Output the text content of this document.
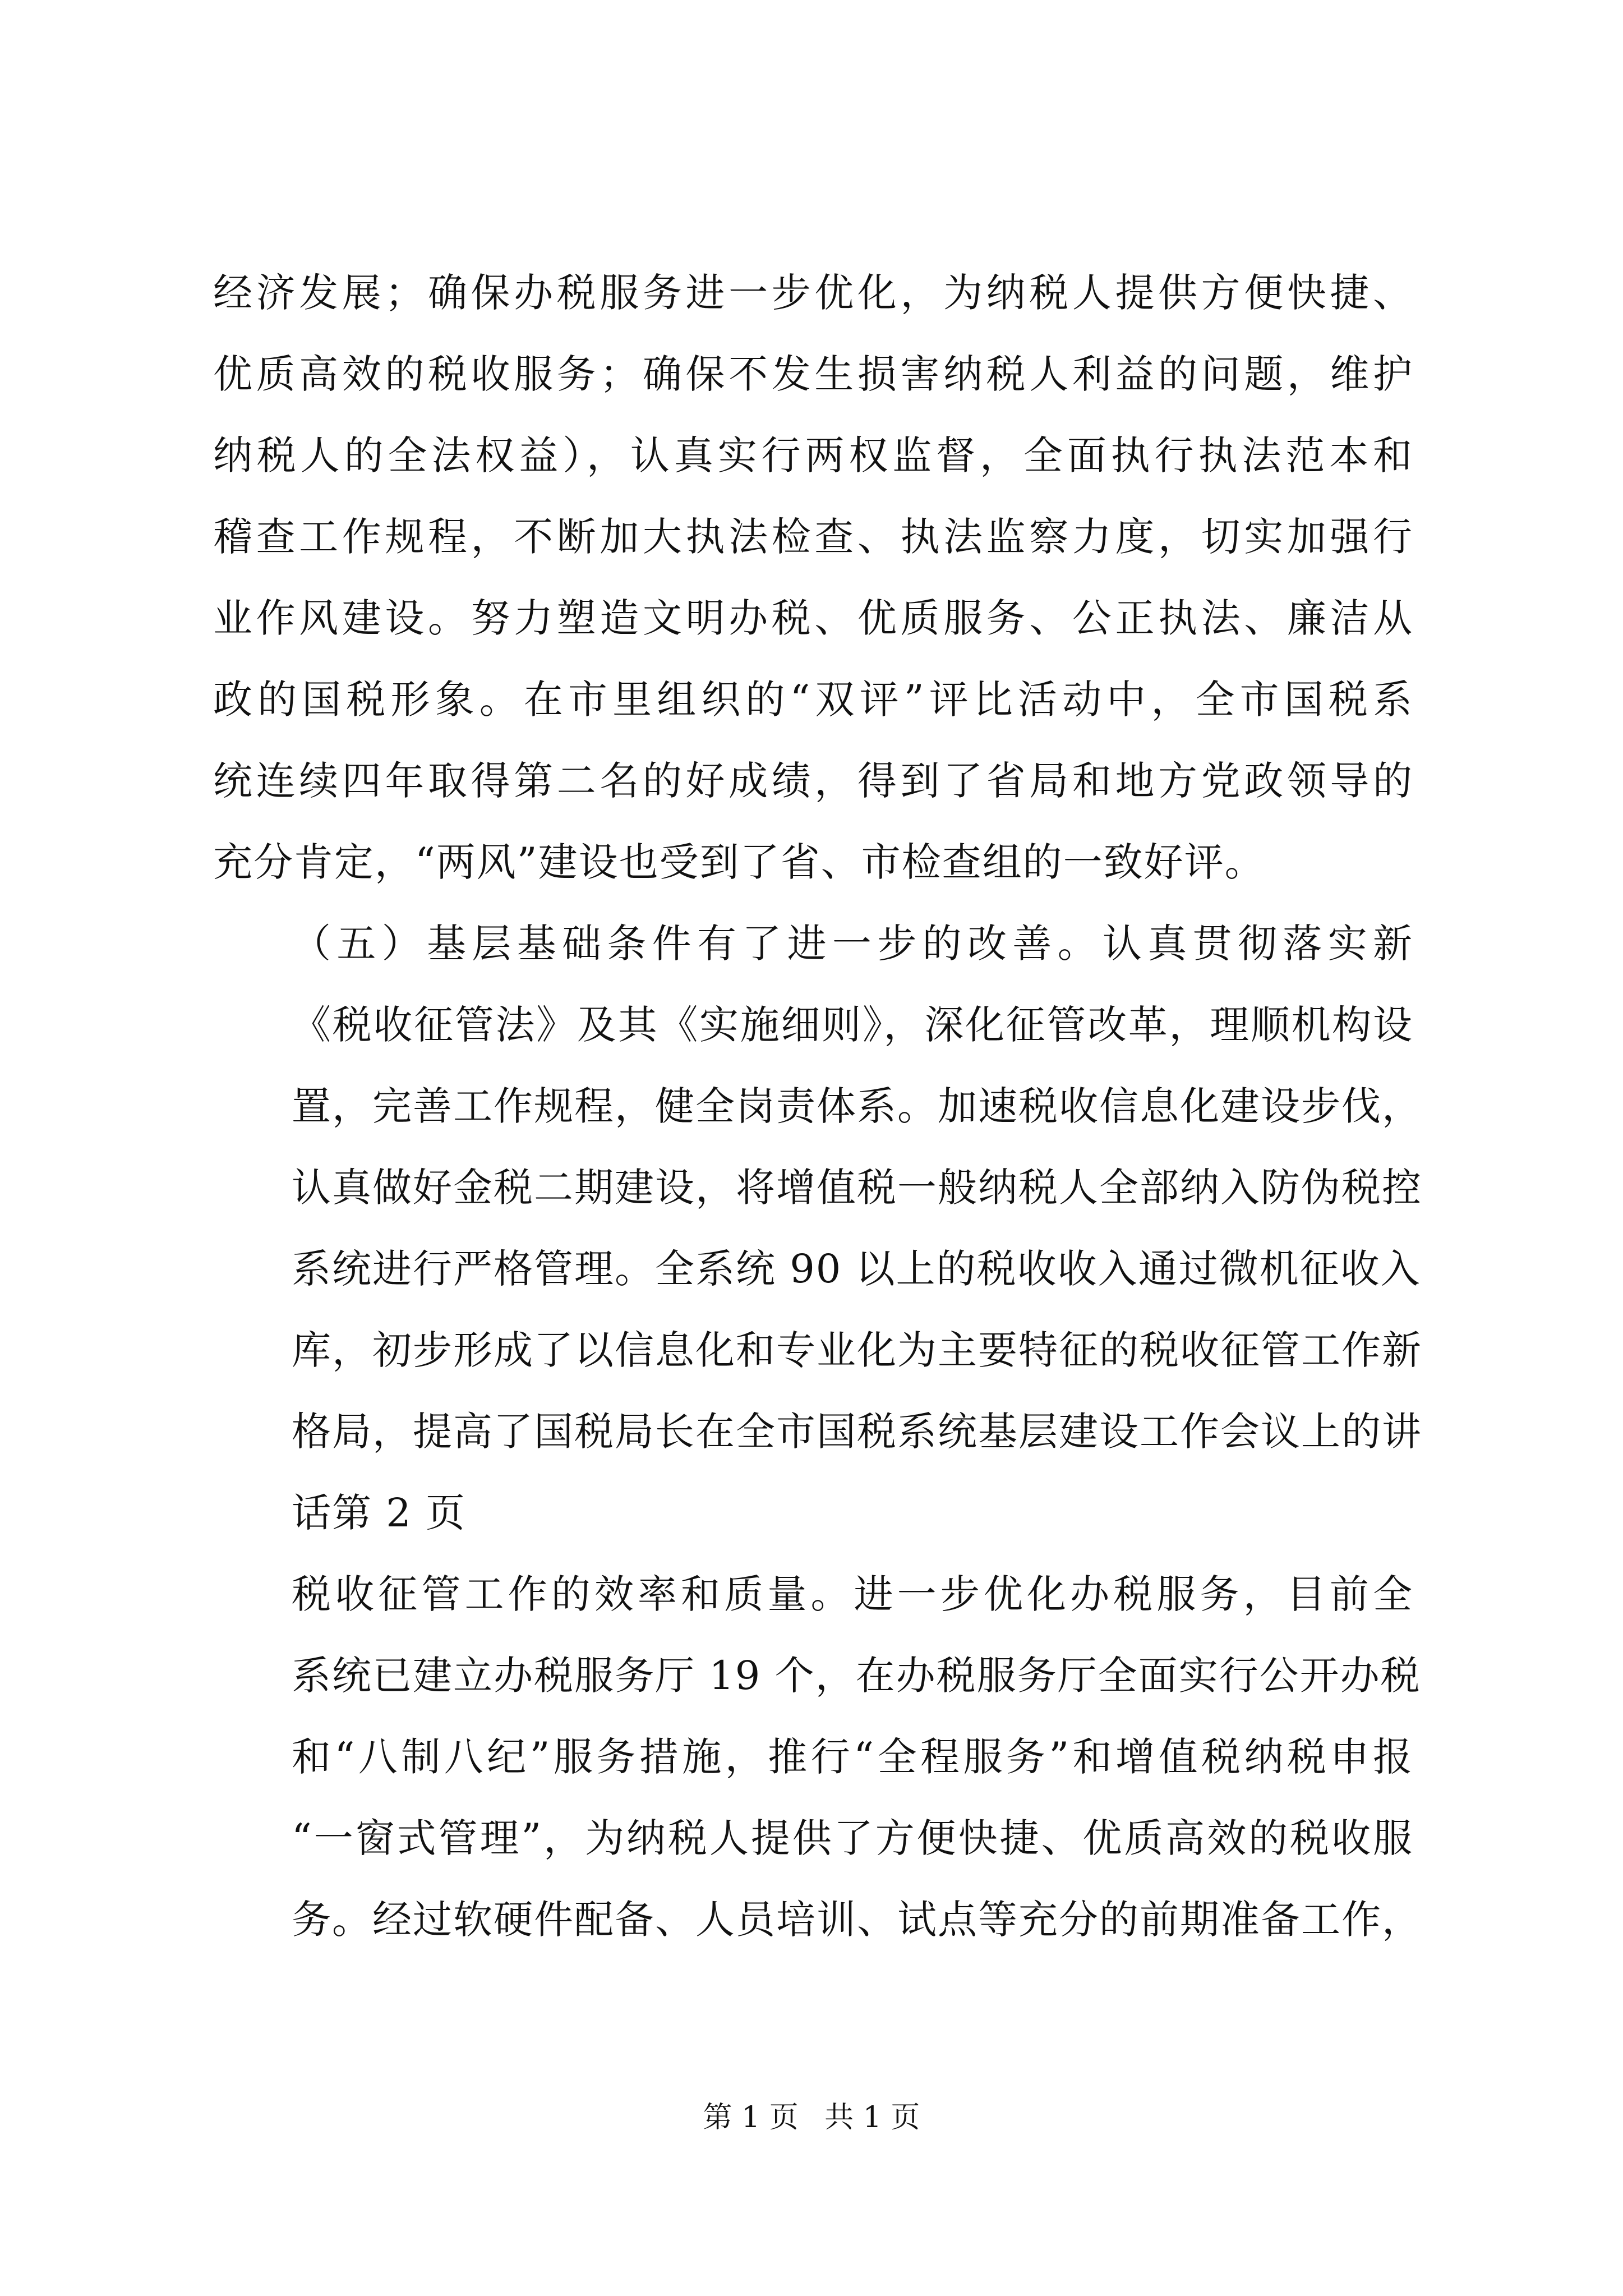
经济发展；确保办税服务进一步优化，为纳税人提供方便快捷、
优质高效的税收服务；确保不发生损害纳税人利益的问题，维护
纳税人的全法权益），认真实行两权监督，全面执行执法范本和
稽查工作规程，不断加大执法检查、执法监察力度，切实加强行
业作风建设。努力塑造文明办税、优质服务、公正执法、廉洁从
政的国税形象。在市里组织的“双评”评比活动中，全市国税系
统连续四年取得第二名的好成绩，得到了省局和地方党政领导的
充分肯定，“两风”建设也受到了省、市检查组的一致好评。

（五）基层基础条件有了进一步的改善。认真贯彻落实新
《税收征管法》及其《实施细则》，深化征管改革，理顺机构设
置，完善工作规程，健全岗责体系。加速税收信息化建设步伐，
认真做好金税二期建设，将增值税一般纳税人全部纳入防伪税控
系统进行严格管理。全系统 90 以上的税收收入通过微机征收入
库，初步形成了以信息化和专业化为主要特征的税收征管工作新
格局，提高了国税局长在全市国税系统基层建设工作会议上的讲
话第 2 页

税收征管工作的效率和质量。进一步优化办税服务，目前全
系统已建立办税服务厅 19 个，在办税服务厅全面实行公开办税
和“八制八纪”服务措施，推行“全程服务”和增值税纳税申报
“一窗式管理”，为纳税人提供了方便快捷、优质高效的税收服
务。经过软硬件配备、人员培训、试点等充分的前期准备工作，

第 1 页 共 1 页
